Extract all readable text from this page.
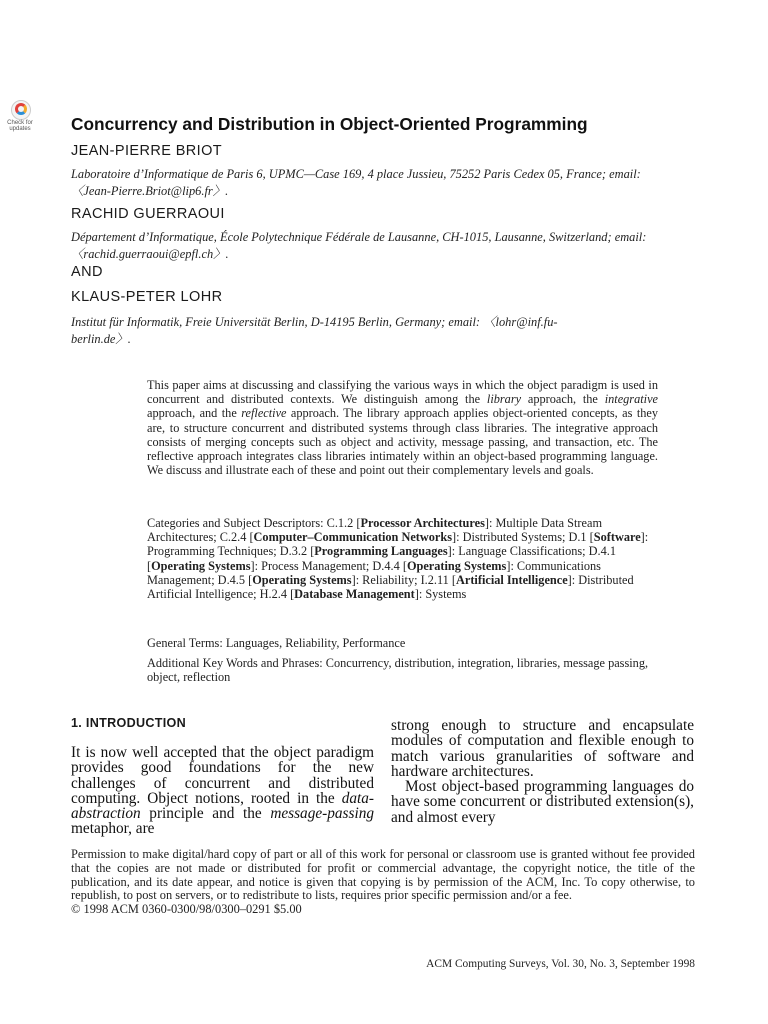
Check for
updates	Concurrency and Distribution in Object-Oriented Programming
JEAN-PIERRE BRIOT
Laboratoire d’Informatique de Paris 6, UPMC—Case 169, 4 place Jussieu, 75252 Paris Cedex 05, France; email: 〈Jean-Pierre.Briot@lip6.fr〉.
RACHID GUERRAOUI
Département d’Informatique, École Polytechnique Fédérale de Lausanne, CH-1015, Lausanne, Switzerland; email: 〈rachid.guerraoui@epfl.ch〉.
AND
KLAUS-PETER LOHR
Institut für Informatik, Freie Universität Berlin, D-14195 Berlin, Germany; email: 〈lohr@inf.fu-berlin.de〉.

This paper aims at discussing and classifying the various ways in which the object paradigm is used in concurrent and distributed contexts. We distinguish among the library approach, the integrative approach, and the reflective approach. The library approach applies object-oriented concepts, as they are, to structure concurrent and distributed systems through class libraries. The integrative approach consists of merging concepts such as object and activity, message passing, and transaction, etc. The reflective approach integrates class libraries intimately within an object-based programming language. We discuss and illustrate each of these and point out their complementary levels and goals.

Categories and Subject Descriptors: C.1.2 [Processor Architectures]: Multiple Data Stream Architectures; C.2.4 [Computer–Communication Networks]: Distributed Systems; D.1 [Software]: Programming Techniques; D.3.2 [Programming Languages]: Language Classifications; D.4.1 [Operating Systems]: Process Management; D.4.4 [Operating Systems]: Communications Management; D.4.5 [Operating Systems]: Reliability; I.2.11 [Artificial Intelligence]: Distributed Artificial Intelligence; H.2.4 [Database Management]: Systems

General Terms: Languages, Reliability, Performance
Additional Key Words and Phrases: Concurrency, distribution, integration, libraries, message passing, object, reflection
1. INTRODUCTION

It is now well accepted that the object paradigm provides good foundations for the new challenges of concurrent and distributed computing. Object notions, rooted in the data-abstraction principle and the message-passing metaphor, are

strong enough to structure and encapsulate modules of computation and flexible enough to match various granularities of software and hardware architectures.

Most object-based programming languages do have some concurrent or distributed extension(s), and almost every

Permission to make digital/hard copy of part or all of this work for personal or classroom use is granted without fee provided that the copies are not made or distributed for profit or commercial advantage, the copyright notice, the title of the publication, and its date appear, and notice is given that copying is by permission of the ACM, Inc. To copy otherwise, to republish, to post on servers, or to redistribute to lists, requires prior specific permission and/or a fee.
© 1998 ACM 0360-0300/98/0300–0291 $5.00
ACM Computing Surveys, Vol. 30, No. 3, September 1998
